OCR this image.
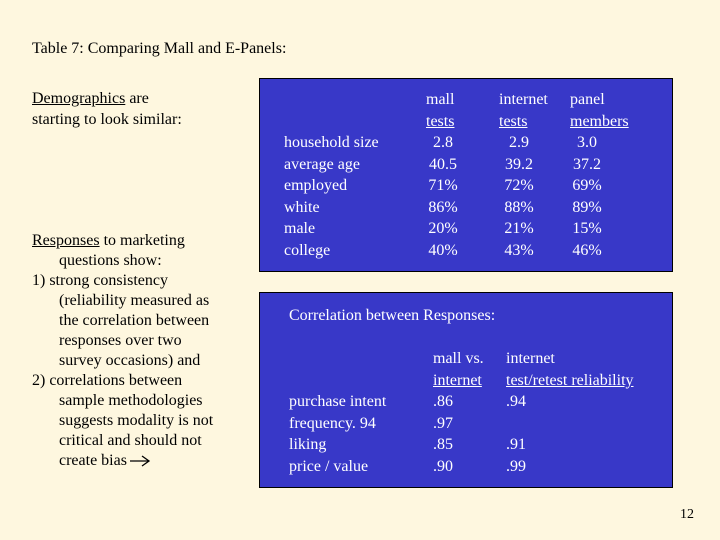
Table 7: Comparing Mall and E-Panels:
Demographics are
starting to look similar:
Responses to marketing
questions show:
1) strong consistency
(reliability measured as
the correlation between
responses over two
survey occasions) and
2) correlations between
sample methodologies
suggests modality is not
critical and should not
create bias
household size
average age
employed
white
male
college
mall
tests
2.8
40.5
71%
86%
20%
40%
internet
tests
2.9
39.2
72%
88%
21%
43%
panel
members
3.0
37.2
69%
89%
15%
46%
Correlation between Responses:
purchase intent
frequency. 94
liking
price / value
mall vs.
internet
.86
.97
.85
.90
internet
test/retest reliability
.94
.91
.99
12
